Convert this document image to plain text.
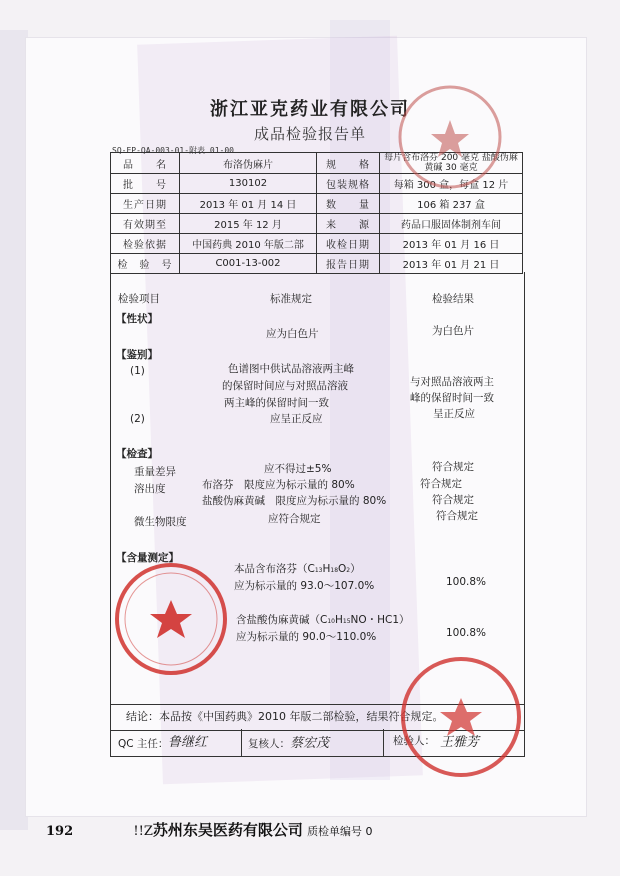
浙江亚克药业有限公司
成品检验报告单
SQ-EP-QA-003-01-附表 01-00
品　　名	布洛伪麻片	规　　格	每片含布洛芬 200 毫克 盐酸伪麻黄碱 30 毫克
批　　号	130102	包装规格	每箱 300 盒，每盒 12 片
生产日期	2013 年 01 月 14 日	数　　量	106 箱 237 盒
有效期至	2015 年 12 月	来　　源	药品口服固体制剂车间
检验依据	中国药典 2010 年版二部	收检日期	2013 年 01 月 16 日
检　验　号	C001-13-002	报告日期	2013 年 01 月 21 日
检验项目	标准规定	检验结果
【性状】
应为白色片	为白色片
【鉴别】
(1)	色谱图中供试品溶液两主峰
的保留时间应与对照品溶液
两主峰的保留时间一致
与对照品溶液两主
峰的保留时间一致
(2)	应呈正反应	呈正反应
【检查】
重量差异	应不得过±5%	符合规定
溶出度	布洛芬　限度应为标示量的 80%	符合规定
盐酸伪麻黄碱　限度应为标示量的 80%	符合规定
微生物限度	应符合规定	符合规定
【含量测定】
本品含布洛芬（C13H18O2）
应为标示量的 93.0～107.0%	100.8%
含盐酸伪麻黄碱（C10H15NO・HC1）
应为标示量的 90.0～110.0%	100.8%
结论：本品按《中国药典》2010 年版二部检验，结果符合规定。
QC 主任： 鲁继红	复核人： 蔡宏茂	检验人： 王雅芳
192	!!Z苏州东吴医药有限公司 质检单编号 0
